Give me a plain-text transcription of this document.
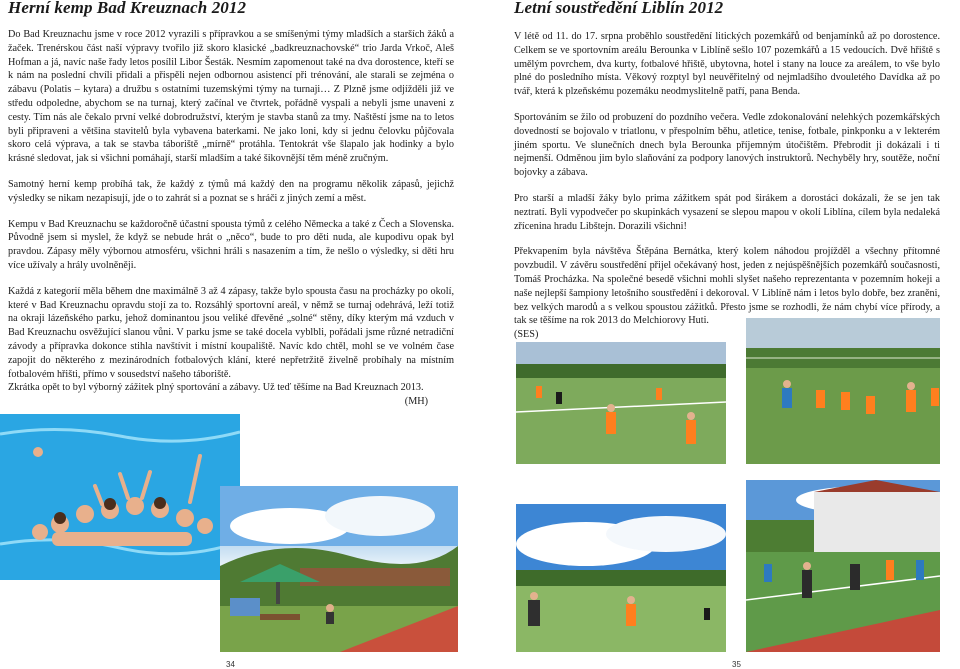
Herní kemp Bad Kreuznach 2012

Do Bad Kreuznachu jsme v roce 2012 vyrazili s přípravkou a se smíšenými týmy mladších a starších žáků a žaček. Trenérskou část naší výpravy tvořilo již skoro klasické „badkreuznachovské“ trio Jarda Vrkoč, Aleš Hofman a já, navíc naše řady letos posílil Libor Šesták. Nesmím zapomenout také na dva dorostence, kteří se k nám na poslední chvíli přidali a přispěli nejen odbornou asistencí při trénování, ale starali se zejména o zábavu (Polatis – kytara) a družbu s ostatními tuzemskými týmy na turnaji… Z Plzně jsme odjížděli již ve středu odpoledne, abychom se na turnaj, který začínal ve čtvrtek, pořádně vyspali a nebyli jsme unaveni z cesty. Tím nás ale čekalo první velké dobrodružství, kterým je stavba stanů za tmy. Naštěstí jsme na to letos byli připraveni a většina stavitelů byla vybavena baterkami. Ne jako loni, kdy si jednu čelovku půjčovala skoro celá výprava, a tak se stavba táboriště „mírně“ protáhla. Tentokrát vše šlapalo jak hodinky a bylo krásné sledovat, jak si všichni pomáhají, starší mladším a také šikovnější těm méně zručným.

Samotný herní kemp probíhá tak, že každý z týmů má každý den na programu několik zápasů, jejichž výsledky se nikam nezapisují, jde o to zahrát si a poznat se s hráči z jiných zemí a měst.

Kempu v Bad Kreuznachu se každoročně účastní spousta týmů z celého Německa a také z Čech a Slovenska. Původně jsem si myslel, že když se nebude hrát o „něco“, bude to pro děti nuda, ale kupodivu opak byl pravdou. Zápasy měly výbornou atmosféru, všichni hráli s nasazením a tím, že nešlo o výsledky, si děti hru více užívaly a hrály uvolněněji.

Každá z kategorií měla během dne maximálně 3 až 4 zápasy, takže bylo spousta času na procházky po okolí, které v Bad Kreuznachu opravdu stojí za to. Rozsáhlý sportovní areál, v němž se turnaj odehrává, leží totiž na okraji lázeňského parku, jehož dominantou jsou veliké dřevěné „solné“ stěny, díky kterým má vzduch v Bad Kreuznachu osvěžující slanou vůni. V parku jsme se také docela vyblbli, pořádali jsme různé netradiční závody a přípravka dokonce stihla navštívit i místní koupaliště. Navíc kdo chtěl, mohl se ve volném čase zapojit do některého z mezinárodních fotbalových klání, které nepřetržitě živelně probíhaly na místním fotbalovém hřišti, přímo v sousedství našeho táboriště.

Zkrátka opět to byl výborný zážitek plný sportování a zábavy. Už teď těšíme na Bad Kreuznach 2013.

(MH)
34
Letní soustředění Liblín 2012

V létě od 11. do 17. srpna proběhlo soustředění litických pozemkářů od benjamínků až po dorostence. Celkem se ve sportovním areálu Berounka v Liblíně sešlo 107 pozemkářů a 15 vedoucích. Dvě hřiště s umělým povrchem, dva kurty, fotbalové hřiště, ubytovna, hotel i stany na louce za areálem, to vše bylo plné do posledního místa. Věkový rozptyl byl neuvěřitelný od nejmladšího dvouletého Davídka až po tvář, která k plzeňskému pozemáku neodmyslitelně patří, pana Benda.

Sportováním se žilo od probuzení do pozdního večera. Vedle zdokonalování nelehkých pozemkářských dovedností se bojovalo v triatlonu, v přespolním běhu, atletice, tenise, fotbale, pinkponku a v lekterém jiném sportu. Ve slunečních dnech byla Berounka příjemným útočištěm. Přebrodit ji dokázali i ti nejmenší. Odměnou jim bylo slaňování za podpory lanových instruktorů. Nechyběly hry, soutěže, noční bojovky a zábava.

Pro starší a mladší žáky bylo prima zážitkem spát pod širákem a dorostáci dokázali, že se jen tak neztratí. Byli vypodvečer po skupinkách vysazení se slepou mapou v okolí Liblína, cílem byla nedaleká zřícenina hradu Libštejn. Dorazili všichni!

Překvapením byla návštěva Štěpána Bernátka, který kolem náhodou projížděl a všechny přítomné povzbudil. V závěru soustředění přijel očekávaný host, jeden z nejúspěšnějších pozemkářů současnosti, Tomáš Procházka. Na společné besedě všichni mohli slyšet našeho reprezentanta v pozemním hokeji a naše nejlepší šampiony letošního soustředění i dekoroval. V Liblíně nám i letos bylo dobře, bez zraněni, bez velkých marodů a s velkou spoustou zážitků. Přesto jsme se rozhodli, že nám chybí více přírody, a tak se těšíme na rok 2013 do Melchiorovy Huti.

(SES)
35
